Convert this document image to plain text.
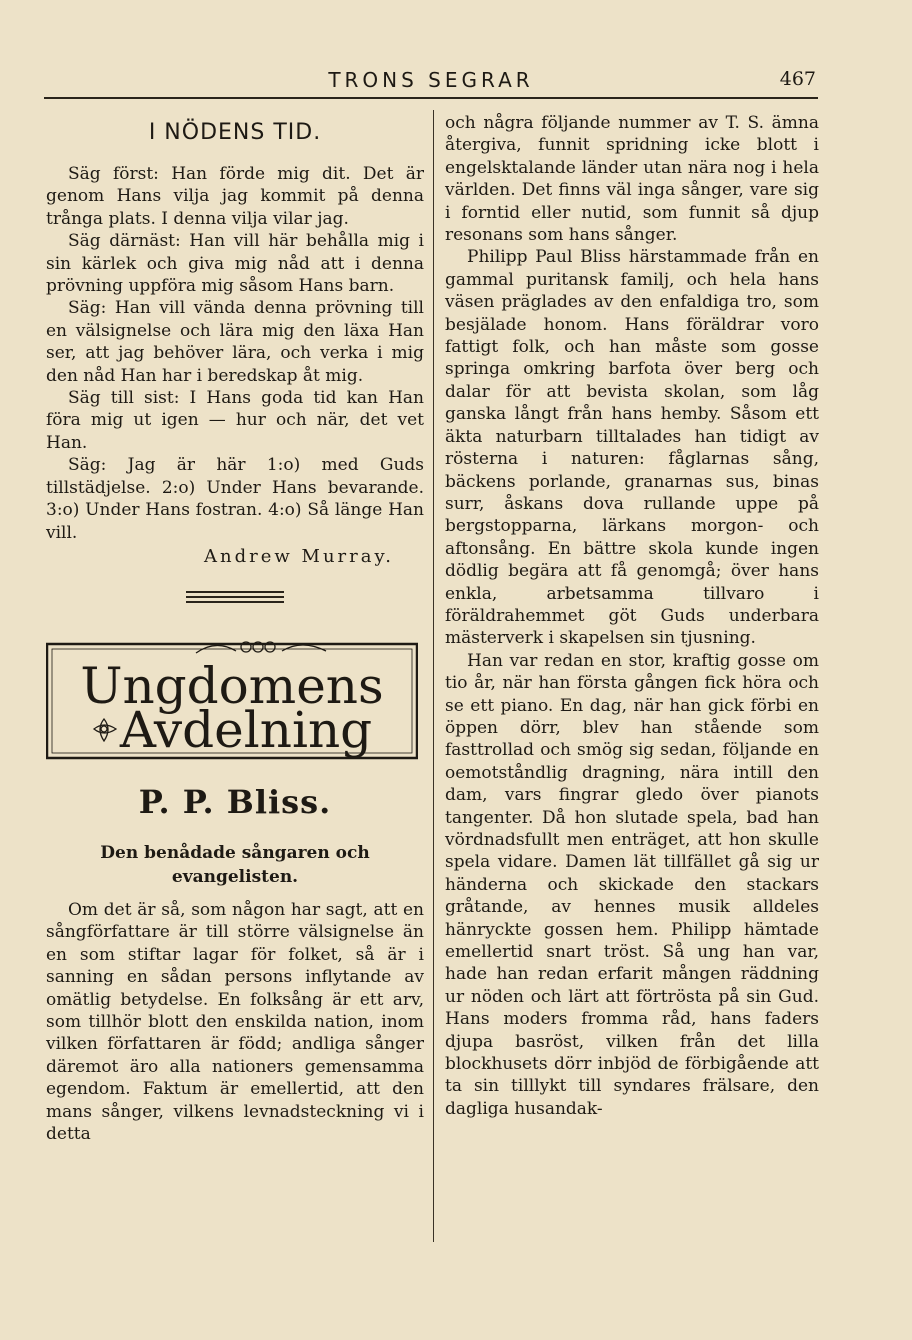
TRONS SEGRAR	467
I NÖDENS TID.

Säg först: Han förde mig dit. Det är genom Hans vilja jag kommit på denna trånga plats. I denna vilja vilar jag.

Säg därnäst: Han vill här behålla mig i sin kärlek och giva mig nåd att i denna prövning uppföra mig såsom Hans barn.

Säg: Han vill vända denna prövning till en välsignelse och lära mig den läxa Han ser, att jag behöver lära, och verka i mig den nåd Han har i beredskap åt mig.

Säg till sist: I Hans goda tid kan Han föra mig ut igen — hur och när, det vet Han.

Säg: Jag är här 1:o) med Guds tillstädjelse. 2:o) Under Hans bevarande. 3:o) Under Hans fostran. 4:o) Så länge Han vill.

Andrew Murray.
Ungdomens
Avdelning
P. P. Bliss.
Den benådade sångaren och evangelisten.

Om det är så, som någon har sagt, att en sångförfattare är till större välsignelse än en som stiftar lagar för folket, så är i sanning en sådan persons inflytande av omätlig betydelse. En folksång är ett arv, som tillhör blott den enskilda nation, inom vilken författaren är född; andliga sånger däremot äro alla nationers gemensamma egendom. Faktum är emellertid, att den mans sånger, vilkens levnadsteckning vi i detta

och några följande nummer av T. S. ämna återgiva, funnit spridning icke blott i engelsktalande länder utan nära nog i hela världen. Det finns väl inga sånger, vare sig i forntid eller nutid, som funnit så djup resonans som hans sånger.

Philipp Paul Bliss härstammade från en gammal puritansk familj, och hela hans väsen präglades av den enfaldiga tro, som besjälade honom. Hans föräldrar voro fattigt folk, och han måste som gosse springa omkring barfota över berg och dalar för att bevista skolan, som låg ganska långt från hans hemby. Såsom ett äkta naturbarn tilltalades han tidigt av rösterna i naturen: fåglarnas sång, bäckens porlande, granarnas sus, binas surr, åskans dova rullande uppe på bergstopparna, lärkans morgon- och aftonsång. En bättre skola kunde ingen dödlig begära att få genomgå; över hans enkla, arbetsamma tillvaro i föräldrahemmet göt Guds underbara mästerverk i skapelsen sin tjusning.

Han var redan en stor, kraftig gosse om tio år, när han första gången fick höra och se ett piano. En dag, när han gick förbi en öppen dörr, blev han stående som fasttrollad och smög sig sedan, följande en oemotståndlig dragning, nära intill den dam, vars fingrar gledo över pianots tangenter. Då hon slutade spela, bad han vördnadsfullt men enträget, att hon skulle spela vidare. Damen lät tillfället gå sig ur händerna och skickade den stackars gråtande, av hennes musik alldeles hänryckte gossen hem. Philipp hämtade emellertid snart tröst. Så ung han var, hade han redan erfarit mången räddning ur nöden och lärt att förtrösta på sin Gud. Hans moders fromma råd, hans faders djupa basröst, vilken från det lilla blockhusets dörr inbjöd de förbigående att ta sin tilllykt till syndares frälsare, den dagliga husandak-
